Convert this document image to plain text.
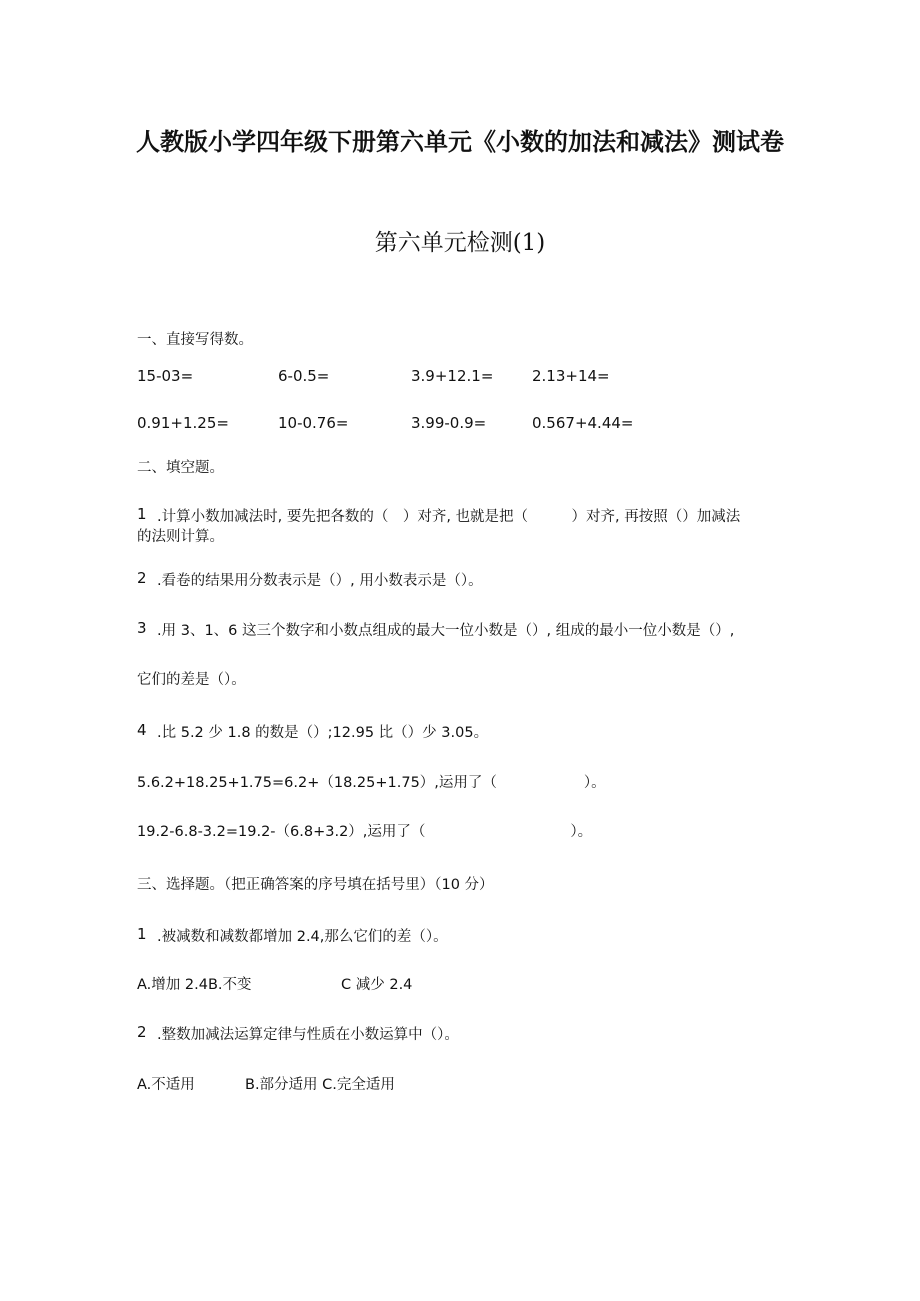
人教版小学四年级下册第六单元《小数的加法和减法》测试卷
第六单元检测(1)
一、直接写得数。
15-03=	6-0.5=	3.9+12.1=	2.13+14=
0.91+1.25=	10-0.76=	3.99-0.9=	0.567+4.44=
二、填空题。
1 .计算小数加减法时, 要先把各数的（　）对齐, 也就是把（　　　）对齐, 再按照（）加减法
的法则计算。
2 .看卷的结果用分数表示是（）, 用小数表示是（）。
3 .用 3、1、6 这三个数字和小数点组成的最大一位小数是（）, 组成的最小一位小数是（）,
它们的差是（）。
4 .比 5.2 少 1.8 的数是（）;12.95 比（）少 3.05。
5.6.2+18.25+1.75=6.2+（18.25+1.75）,运用了（　　　　　　）。
19.2-6.8-3.2=19.2-（6.8+3.2）,运用了（　　　　　　　　　　）。
三、选择题。（把正确答案的序号填在括号里）（10 分）
1 .被减数和减数都增加 2.4,那么它们的差（）。
A.增加 2.4B.不变	C 减少 2.4
2 .整数加减法运算定律与性质在小数运算中（）。
A.不适用	B.部分适用 C.完全适用
